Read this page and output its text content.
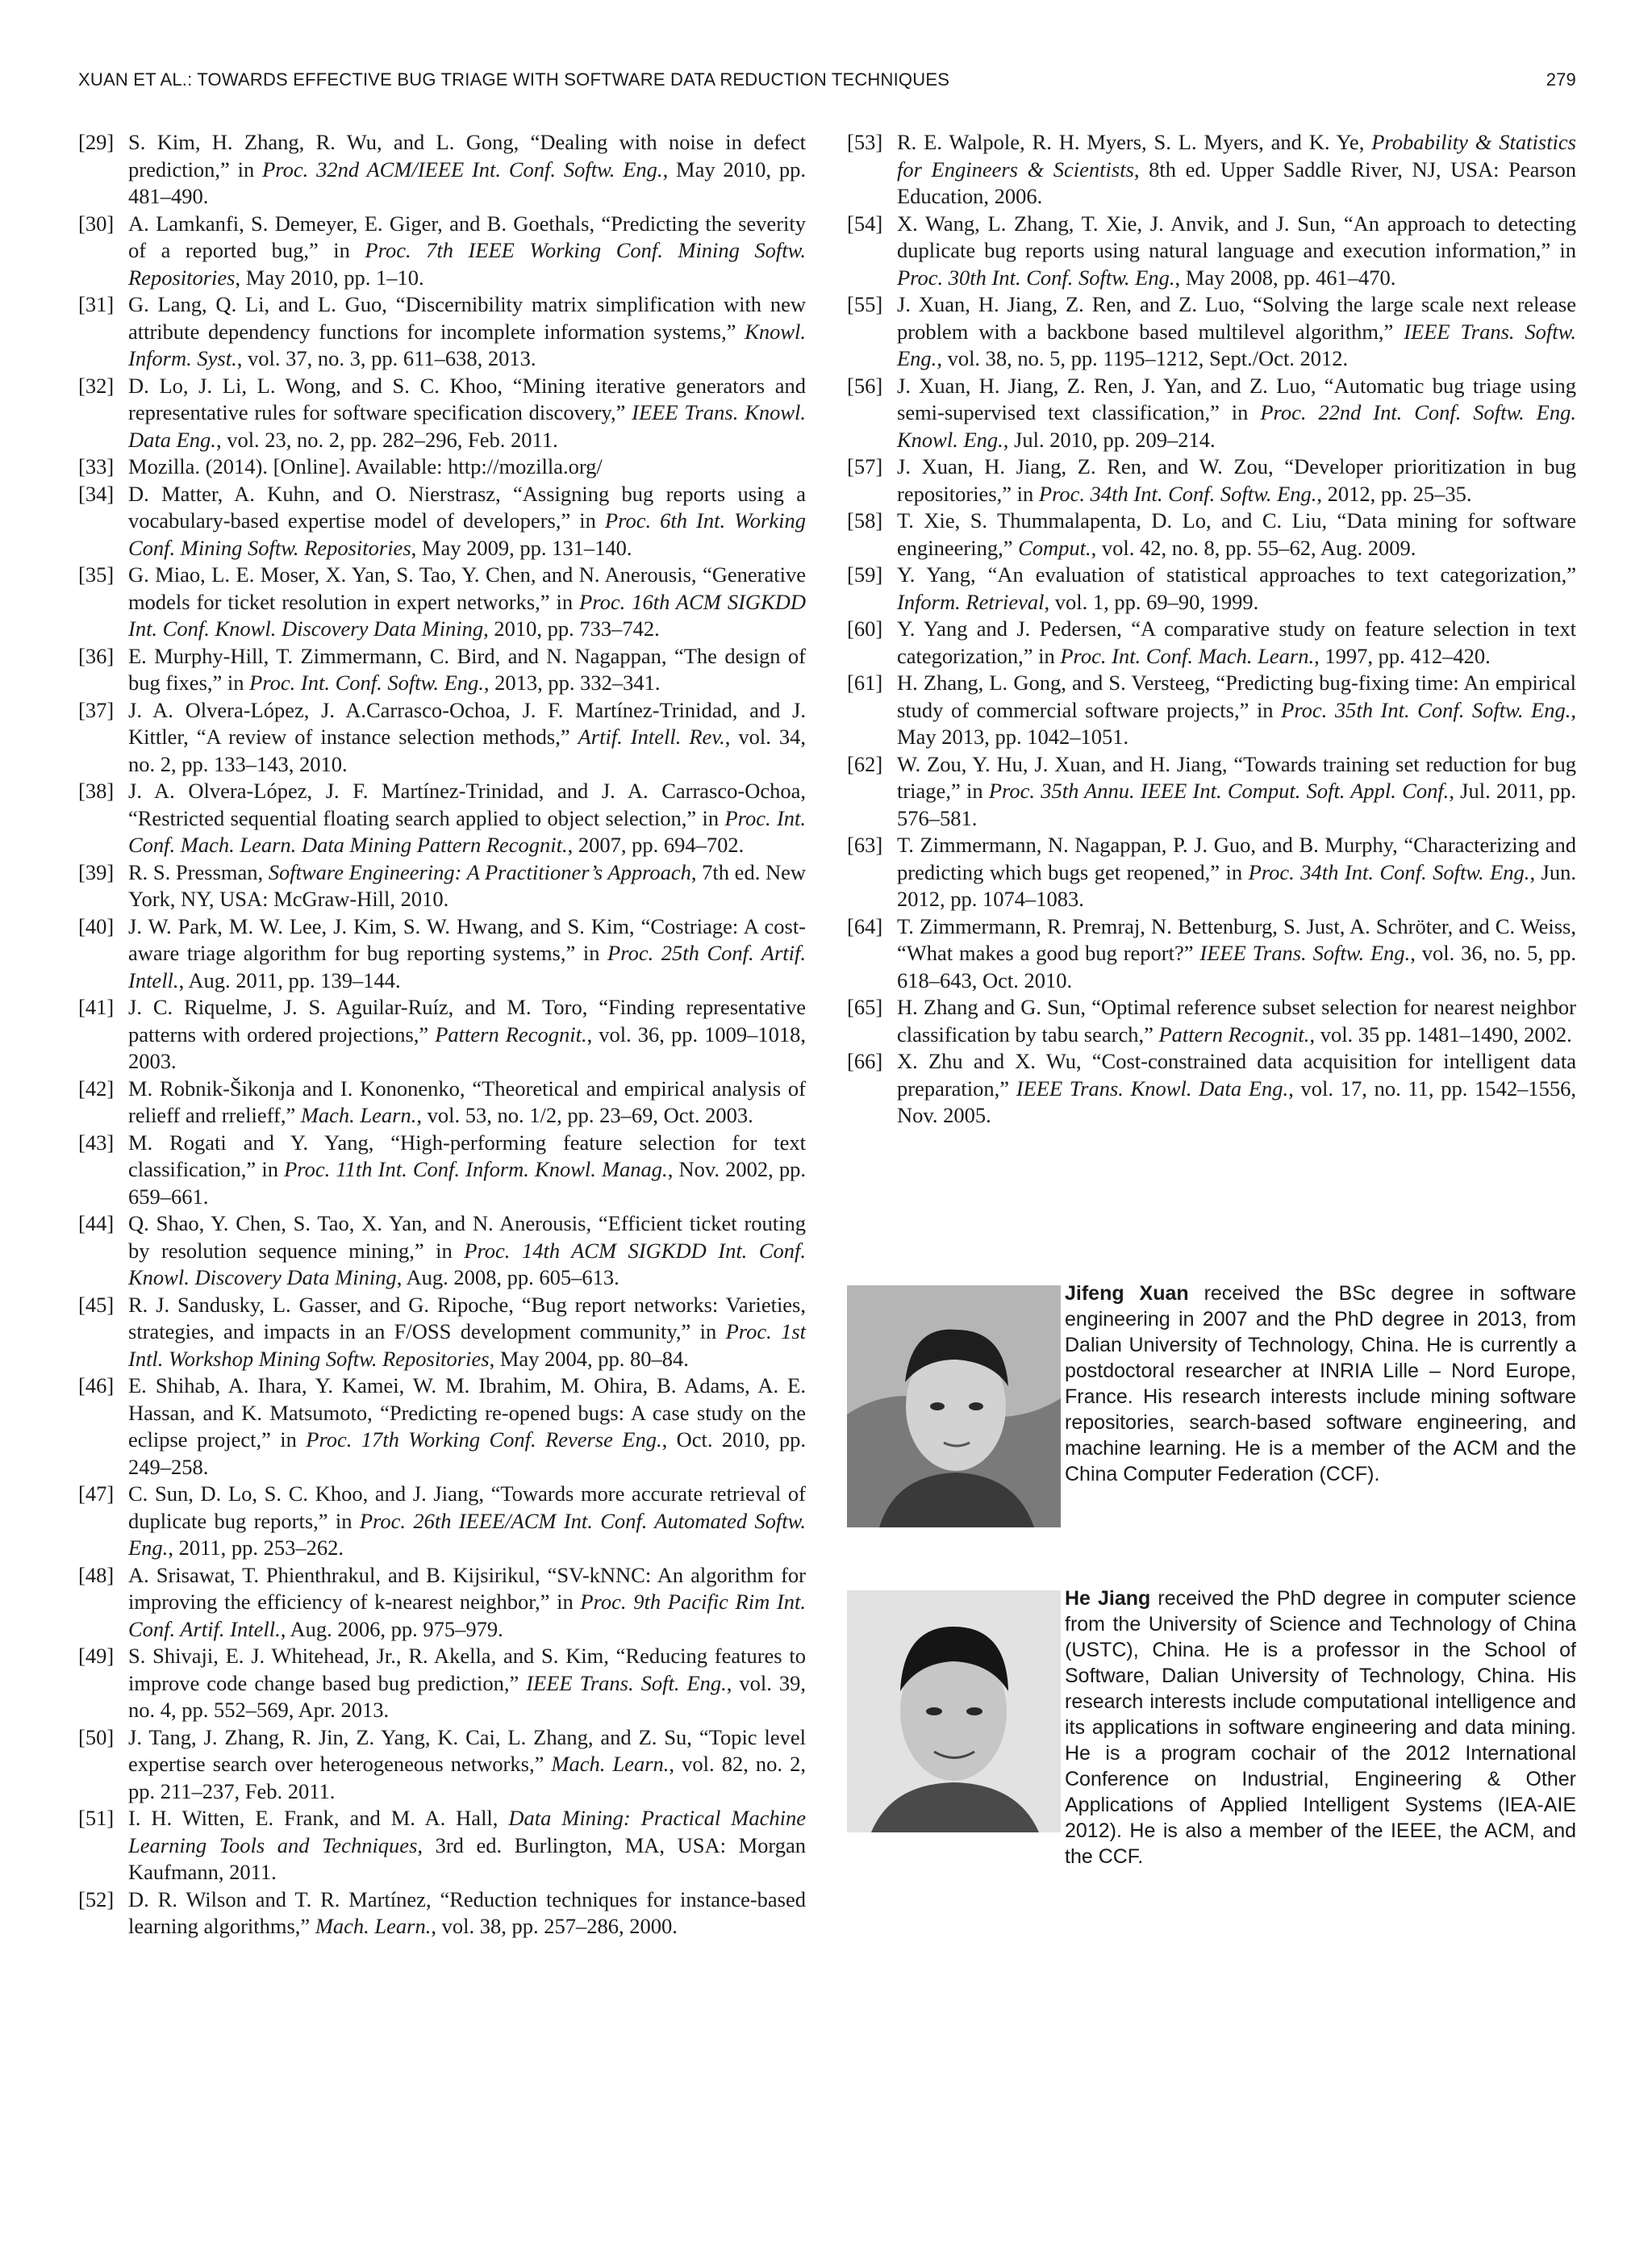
XUAN ET AL.: TOWARDS EFFECTIVE BUG TRIAGE WITH SOFTWARE DATA REDUCTION TECHNIQUES	279

[29] S. Kim, H. Zhang, R. Wu, and L. Gong, “Dealing with noise in defect prediction,” in Proc. 32nd ACM/IEEE Int. Conf. Softw. Eng., May 2010, pp. 481–490.

[30] A. Lamkanfi, S. Demeyer, E. Giger, and B. Goethals, “Predicting the severity of a reported bug,” in Proc. 7th IEEE Working Conf. Mining Softw. Repositories, May 2010, pp. 1–10.

[31] G. Lang, Q. Li, and L. Guo, “Discernibility matrix simplification with new attribute dependency functions for incomplete information systems,” Knowl. Inform. Syst., vol. 37, no. 3, pp. 611–638, 2013.

[32] D. Lo, J. Li, L. Wong, and S. C. Khoo, “Mining iterative generators and representative rules for software specification discovery,” IEEE Trans. Knowl. Data Eng., vol. 23, no. 2, pp. 282–296, Feb. 2011.

[33] Mozilla. (2014). [Online]. Available: http://mozilla.org/

[34] D. Matter, A. Kuhn, and O. Nierstrasz, “Assigning bug reports using a vocabulary-based expertise model of developers,” in Proc. 6th Int. Working Conf. Mining Softw. Repositories, May 2009, pp. 131–140.

[35] G. Miao, L. E. Moser, X. Yan, S. Tao, Y. Chen, and N. Anerousis, “Generative models for ticket resolution in expert networks,” in Proc. 16th ACM SIGKDD Int. Conf. Knowl. Discovery Data Mining, 2010, pp. 733–742.

[36] E. Murphy-Hill, T. Zimmermann, C. Bird, and N. Nagappan, “The design of bug fixes,” in Proc. Int. Conf. Softw. Eng., 2013, pp. 332–341.

[37] J. A. Olvera-López, J. A.Carrasco-Ochoa, J. F. Martínez-Trinidad, and J. Kittler, “A review of instance selection methods,” Artif. Intell. Rev., vol. 34, no. 2, pp. 133–143, 2010.

[38] J. A. Olvera-López, J. F. Martínez-Trinidad, and J. A. Carrasco-Ochoa, “Restricted sequential floating search applied to object selection,” in Proc. Int. Conf. Mach. Learn. Data Mining Pattern Recognit., 2007, pp. 694–702.

[39] R. S. Pressman, Software Engineering: A Practitioner’s Approach, 7th ed. New York, NY, USA: McGraw-Hill, 2010.

[40] J. W. Park, M. W. Lee, J. Kim, S. W. Hwang, and S. Kim, “Costriage: A cost-aware triage algorithm for bug reporting systems,” in Proc. 25th Conf. Artif. Intell., Aug. 2011, pp. 139–144.

[41] J. C. Riquelme, J. S. Aguilar-Ruíz, and M. Toro, “Finding representative patterns with ordered projections,” Pattern Recognit., vol. 36, pp. 1009–1018, 2003.

[42] M. Robnik-Šikonja and I. Kononenko, “Theoretical and empirical analysis of relieff and rrelieff,” Mach. Learn., vol. 53, no. 1/2, pp. 23–69, Oct. 2003.

[43] M. Rogati and Y. Yang, “High-performing feature selection for text classification,” in Proc. 11th Int. Conf. Inform. Knowl. Manag., Nov. 2002, pp. 659–661.

[44] Q. Shao, Y. Chen, S. Tao, X. Yan, and N. Anerousis, “Efficient ticket routing by resolution sequence mining,” in Proc. 14th ACM SIGKDD Int. Conf. Knowl. Discovery Data Mining, Aug. 2008, pp. 605–613.

[45] R. J. Sandusky, L. Gasser, and G. Ripoche, “Bug report networks: Varieties, strategies, and impacts in an F/OSS development community,” in Proc. 1st Intl. Workshop Mining Softw. Repositories, May 2004, pp. 80–84.

[46] E. Shihab, A. Ihara, Y. Kamei, W. M. Ibrahim, M. Ohira, B. Adams, A. E. Hassan, and K. Matsumoto, “Predicting re-opened bugs: A case study on the eclipse project,” in Proc. 17th Working Conf. Reverse Eng., Oct. 2010, pp. 249–258.

[47] C. Sun, D. Lo, S. C. Khoo, and J. Jiang, “Towards more accurate retrieval of duplicate bug reports,” in Proc. 26th IEEE/ACM Int. Conf. Automated Softw. Eng., 2011, pp. 253–262.

[48] A. Srisawat, T. Phienthrakul, and B. Kijsirikul, “SV-kNNC: An algorithm for improving the efficiency of k-nearest neighbor,” in Proc. 9th Pacific Rim Int. Conf. Artif. Intell., Aug. 2006, pp. 975–979.

[49] S. Shivaji, E. J. Whitehead, Jr., R. Akella, and S. Kim, “Reducing features to improve code change based bug prediction,” IEEE Trans. Soft. Eng., vol. 39, no. 4, pp. 552–569, Apr. 2013.

[50] J. Tang, J. Zhang, R. Jin, Z. Yang, K. Cai, L. Zhang, and Z. Su, “Topic level expertise search over heterogeneous networks,” Mach. Learn., vol. 82, no. 2, pp. 211–237, Feb. 2011.

[51] I. H. Witten, E. Frank, and M. A. Hall, Data Mining: Practical Machine Learning Tools and Techniques, 3rd ed. Burlington, MA, USA: Morgan Kaufmann, 2011.

[52] D. R. Wilson and T. R. Martínez, “Reduction techniques for instance-based learning algorithms,” Mach. Learn., vol. 38, pp. 257–286, 2000.

[53] R. E. Walpole, R. H. Myers, S. L. Myers, and K. Ye, Probability & Statistics for Engineers & Scientists, 8th ed. Upper Saddle River, NJ, USA: Pearson Education, 2006.

[54] X. Wang, L. Zhang, T. Xie, J. Anvik, and J. Sun, “An approach to detecting duplicate bug reports using natural language and execution information,” in Proc. 30th Int. Conf. Softw. Eng., May 2008, pp. 461–470.

[55] J. Xuan, H. Jiang, Z. Ren, and Z. Luo, “Solving the large scale next release problem with a backbone based multilevel algorithm,” IEEE Trans. Softw. Eng., vol. 38, no. 5, pp. 1195–1212, Sept./Oct. 2012.

[56] J. Xuan, H. Jiang, Z. Ren, J. Yan, and Z. Luo, “Automatic bug triage using semi-supervised text classification,” in Proc. 22nd Int. Conf. Softw. Eng. Knowl. Eng., Jul. 2010, pp. 209–214.

[57] J. Xuan, H. Jiang, Z. Ren, and W. Zou, “Developer prioritization in bug repositories,” in Proc. 34th Int. Conf. Softw. Eng., 2012, pp. 25–35.

[58] T. Xie, S. Thummalapenta, D. Lo, and C. Liu, “Data mining for software engineering,” Comput., vol. 42, no. 8, pp. 55–62, Aug. 2009.

[59] Y. Yang, “An evaluation of statistical approaches to text categorization,” Inform. Retrieval, vol. 1, pp. 69–90, 1999.

[60] Y. Yang and J. Pedersen, “A comparative study on feature selection in text categorization,” in Proc. Int. Conf. Mach. Learn., 1997, pp. 412–420.

[61] H. Zhang, L. Gong, and S. Versteeg, “Predicting bug-fixing time: An empirical study of commercial software projects,” in Proc. 35th Int. Conf. Softw. Eng., May 2013, pp. 1042–1051.

[62] W. Zou, Y. Hu, J. Xuan, and H. Jiang, “Towards training set reduction for bug triage,” in Proc. 35th Annu. IEEE Int. Comput. Soft. Appl. Conf., Jul. 2011, pp. 576–581.

[63] T. Zimmermann, N. Nagappan, P. J. Guo, and B. Murphy, “Characterizing and predicting which bugs get reopened,” in Proc. 34th Int. Conf. Softw. Eng., Jun. 2012, pp. 1074–1083.

[64] T. Zimmermann, R. Premraj, N. Bettenburg, S. Just, A. Schröter, and C. Weiss, “What makes a good bug report?” IEEE Trans. Softw. Eng., vol. 36, no. 5, pp. 618–643, Oct. 2010.

[65] H. Zhang and G. Sun, “Optimal reference subset selection for nearest neighbor classification by tabu search,” Pattern Recognit., vol. 35 pp. 1481–1490, 2002.

[66] X. Zhu and X. Wu, “Cost-constrained data acquisition for intelligent data preparation,” IEEE Trans. Knowl. Data Eng., vol. 17, no. 11, pp. 1542–1556, Nov. 2005.

Jifeng Xuan received the BSc degree in software engineering in 2007 and the PhD degree in 2013, from Dalian University of Technology, China. He is currently a postdoctoral researcher at INRIA Lille – Nord Europe, France. His research interests include mining software repositories, search-based software engineering, and machine learning. He is a member of the ACM and the China Computer Federation (CCF).
He Jiang received the PhD degree in computer science from the University of Science and Technology of China (USTC), China. He is a professor in the School of Software, Dalian University of Technology, China. His research interests include computational intelligence and its applications in software engineering and data mining. He is a program cochair of the 2012 International Conference on Industrial, Engineering & Other Applications of Applied Intelligent Systems (IEA-AIE 2012). He is also a member of the IEEE, the ACM, and the CCF.
